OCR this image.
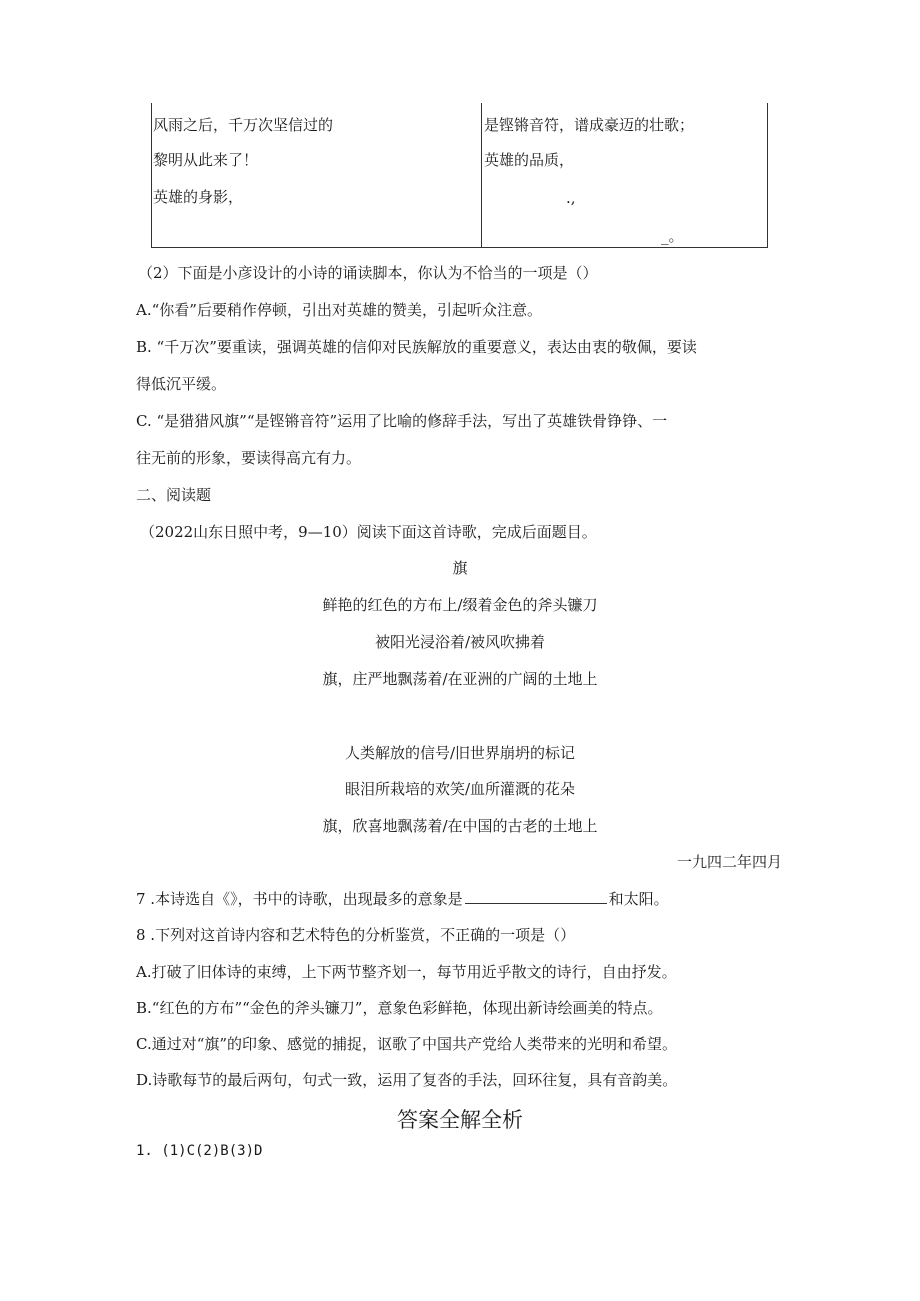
风雨之后，千万次坚信过的
黎明从此来了！
英雄的身影，
是铿锵音符，谱成豪迈的壮歌；
英雄的品质，
.,
_。
（2）下面是小彦设计的小诗的诵读脚本，你认为不恰当的一项是（）
A.“你看”后要稍作停顿，引出对英雄的赞美，引起听众注意。
B. “千万次”要重读，强调英雄的信仰对民族解放的重要意义，表达由衷的敬佩，要读
得低沉平缓。
C. “是猎猎风旗”“是铿锵音符”运用了比喻的修辞手法，写出了英雄铁骨铮铮、一
往无前的形象，要读得高亢有力。
二、阅读题
（2022山东日照中考，9—10）阅读下面这首诗歌，完成后面题目。
旗
鲜艳的红色的方布上/缀着金色的斧头镰刀
被阳光浸浴着/被风吹拂着
旗，庄严地飘荡着/在亚洲的广阔的土地上
人类解放的信号/旧世界崩坍的标记
眼泪所栽培的欢笑/血所灌溉的花朵
旗，欣喜地飘荡着/在中国的古老的土地上
一九四二年四月
7 .本诗选自《》，书中的诗歌，出现最多的意象是	和太阳。
8 .下列对这首诗内容和艺术特色的分析鉴赏，不正确的一项是（）
A.打破了旧体诗的束缚，上下两节整齐划一，每节用近乎散文的诗行，自由抒发。
B.“红色的方布”“金色的斧头镰刀”，意象色彩鲜艳，体现出新诗绘画美的特点。
C.通过对“旗”的印象、感觉的捕捉，讴歌了中国共产党给人类带来的光明和希望。
D.诗歌每节的最后两句，句式一致，运用了复沓的手法，回环往复，具有音韵美。
答案全解全析
1. (1)C(2)B(3)D
